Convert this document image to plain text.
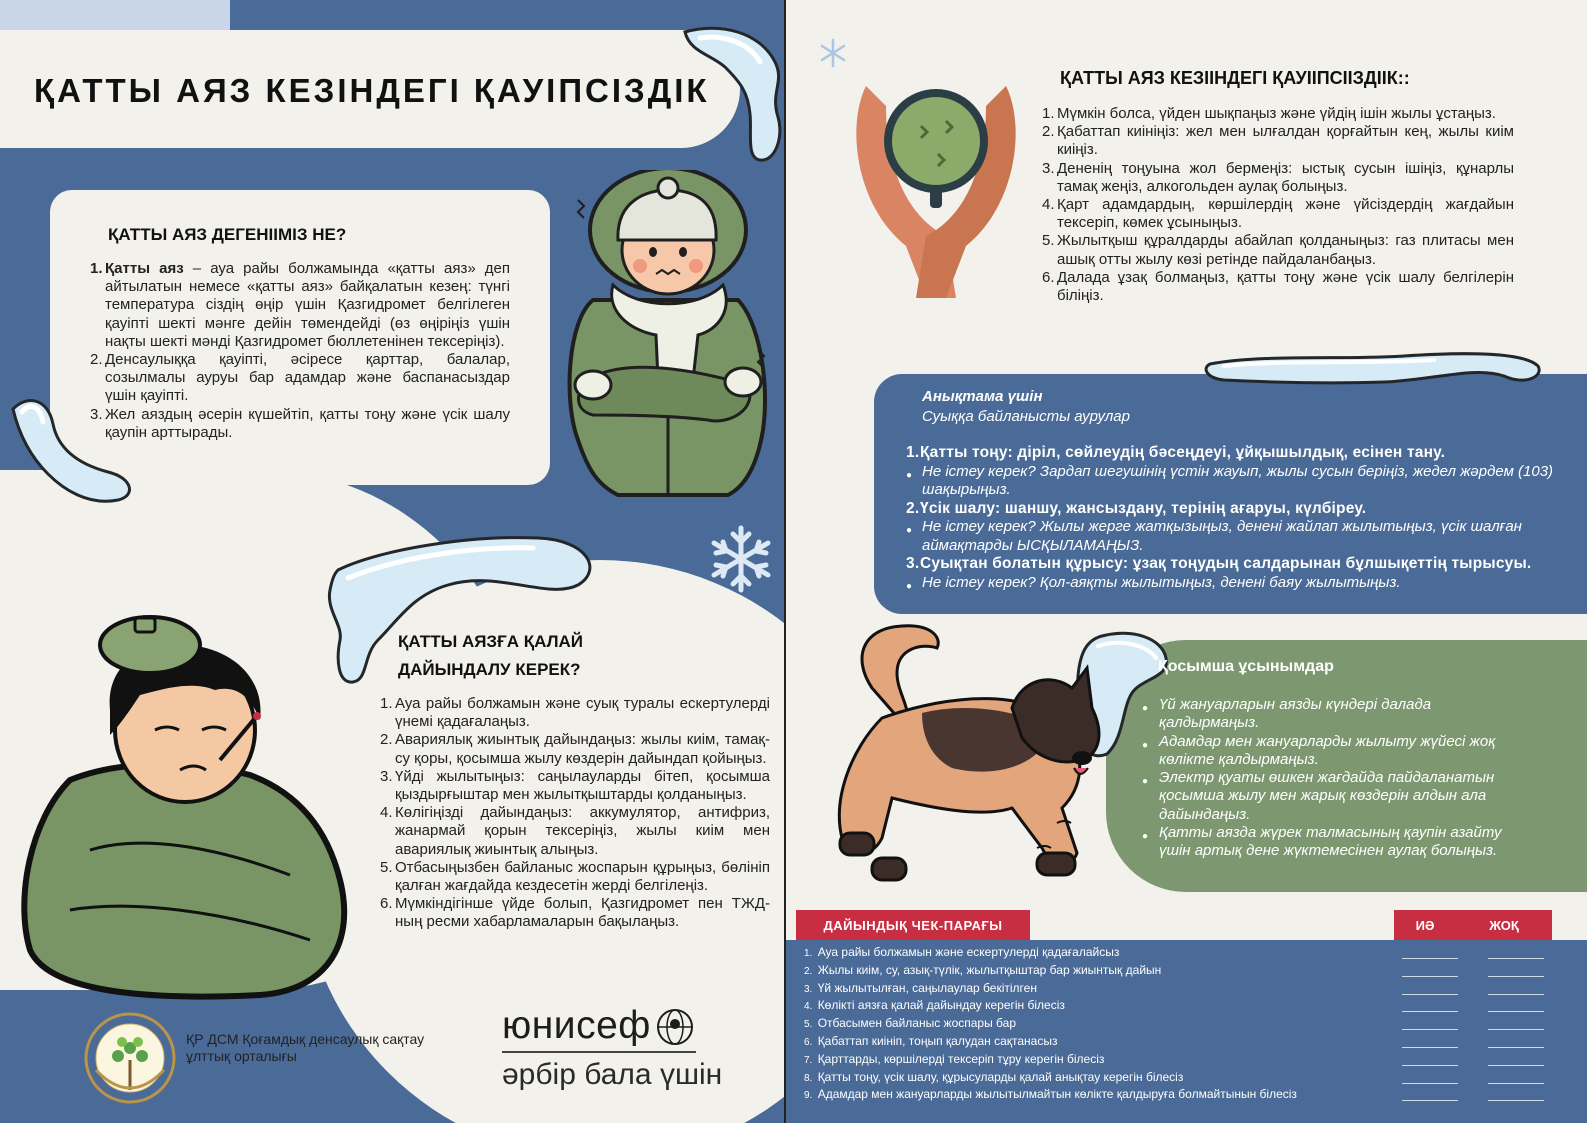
ҚАТТЫ АЯЗ КЕЗІНДЕГІ ҚАУІПСІЗДІК
ҚАТТЫ АЯЗ ДЕГЕНІІМІЗ НЕ?
1. Қатты аяз – ауа райы болжамында «қатты аяз» деп айтылатын немесе «қатты аяз» байқалатын кезең: түнгі температура сіздің өңір үшін Қазгидромет белгілеген қауіпті шекті мәнге дейін төмендейді (өз өңіріңіз үшін нақты шекті мәнді Қазгидромет бюллетенінен тексеріңіз).
2. Денсаулыққа қауіпті, әсіресе қарттар, балалар, созылмалы ауруы бар адамдар және баспанасыздар үшін қауіпті.
3. Жел аяздың әсерін күшейтіп, қатты тоңу және үсік шалу қаупін арттырады.
ҚАТТЫ АЯЗҒА ҚАЛАЙ ДАЙЫНДАЛУ КЕРЕК?
1. Ауа райы болжамын және суық туралы ескертулерді үнемі қадағалаңыз.
2. Авариялық жиынтық дайындаңыз: жылы киім, тамақ-су қоры, қосымша жылу көздерін дайындап қойыңыз.
3. Үйді жылытыңыз: саңылауларды бітеп, қосымша қыздырғыштар мен жылытқыштарды қолданыңыз.
4. Көлігіңізді дайындаңыз: аккумулятор, антифриз, жанармай қорын тексеріңіз, жылы киім мен авариялық жиынтық алыңыз.
5. Отбасыңызбен байланыс жоспарын құрыңыз, бөлініп қалған жағдайда кездесетін жерді белгілеңіз.
6. Мүмкіндігінше үйде болып, Қазгидромет пен ТЖД-ның ресми хабарламаларын бақылаңыз.
ҚР ДСМ Қоғамдық денсаулық сақтау ұлттық орталығы
юнисеф
әрбір бала үшін
ҚАТТЫ АЯЗ КЕЗІІНДЕГІ ҚАУІІПСІІЗДІІК::
1. Мүмкін болса, үйден шықпаңыз және үйдің ішін жылы ұстаңыз.
2. Қабаттап киініңіз: жел мен ылғалдан қорғайтын кең, жылы киім киіңіз.
3. Дененің тоңуына жол бермеңіз: ыстық сусын ішіңіз, құнарлы тамақ жеңіз, алкогольден аулақ болыңыз.
4. Қарт адамдардың, көршілердің және үйсіздердің жағдайын тексеріп, көмек ұсыныңыз.
5. Жылытқыш құралдарды абайлап қолданыңыз: газ плитасы мен ашық отты жылу көзі ретінде пайдаланбаңыз.
6. Далада ұзақ болмаңыз, қатты тоңу және үсік шалу белгілерін біліңіз.
Анықтама үшін
Суыққа байланысты аурулар
1. Қатты тоңу: діріл, сөйлеудің бәсеңдеуі, ұйқышылдық, есінен тану.
● Не істеу керек? Зардап шегушінің үстін жауып, жылы сусын беріңіз, жедел жәрдем (103) шақырыңыз.
2. Үсік шалу: шаншу, жансыздану, терінің ағаруы, күлбіреу.
● Не істеу керек? Жылы жерге жатқызыңыз, денені жайлап жылытыңыз, үсік шалған аймақтарды ЫСҚЫЛАМАҢЫЗ.
3. Суықтан болатын құрысу: ұзақ тоңудың салдарынан бұлшықеттің тырысуы.
● Не істеу керек? Қол-аяқты жылытыңыз, денені баяу жылытыңыз.
Қосымша ұсынымдар
● Үй жануарларын аязды күндері далада қалдырмаңыз.
● Адамдар мен жануарларды жылыту жүйесі жоқ көлікте қалдырмаңыз.
● Электр қуаты өшкен жағдайда пайдаланатын қосымша жылу мен жарық көздерін алдын ала дайындаңыз.
● Қатты аязда жүрек талмасының қаупін азайту үшін артық дене жүктемесінен аулақ болыңыз.
ДАЙЫНДЫҚ ЧЕК-ПАРАҒЫ	ИӘ	ЖОҚ
1. Ауа райы болжамын және ескертулерді қадағалайсыз
2. Жылы киім, су, азық-түлік, жылытқыштар бар жиынтық дайын
3. Үй жылытылған, саңылаулар бекітілген
4. Көлікті аязға қалай дайындау керегін білесіз
5. Отбасымен байланыс жоспары бар
6. Қабаттап киініп, тоңып қалудан сақтанасыз
7. Қарттарды, көршілерді тексеріп тұру керегін білесіз
8. Қатты тоңу, үсік шалу, құрысуларды қалай анықтау керегін білесіз
9. Адамдар мен жануарларды жылытылмайтын көлікте қалдыруға болмайтынын білесіз
